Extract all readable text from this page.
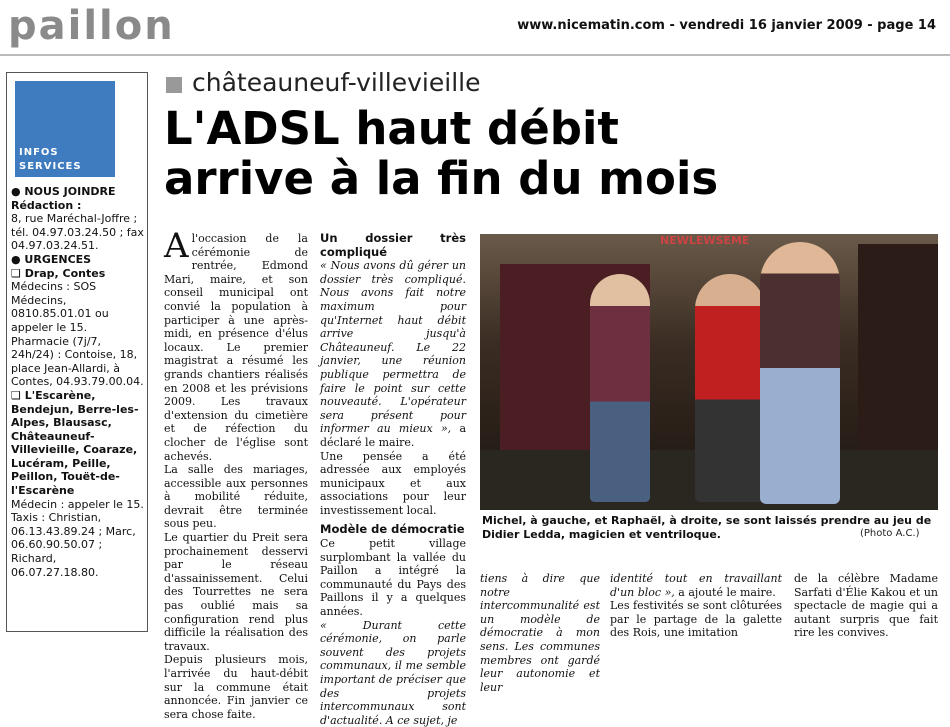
paillon	www.nicematin.com - vendredi 16 janvier 2009 - page 14
INFOS
SERVICES
● NOUS JOINDRE
Rédaction :
8, rue Maréchal-Joffre ; tél. 04.97.03.24.50 ; fax 04.97.03.24.51.
● URGENCES
❑ Drap, Contes
Médecins : SOS Médecins, 0810.85.01.01 ou appeler le 15.
Pharmacie (7j/7, 24h/24) : Contoise, 18, place Jean-Allardi, à Contes, 04.93.79.00.04.
❑ L'Escarène, Bendejun, Berre-les-Alpes, Blausasc, Châteauneuf-Villevieille, Coaraze, Lucéram, Peille, Peillon, Touët-de-l'Escarène
Médecin : appeler le 15.
Taxis : Christian, 06.13.43.89.24 ; Marc, 06.60.90.50.07 ; Richard, 06.07.27.18.80.
châteauneuf-villevieille
L'ADSL haut débit arrive à la fin du mois
A l'occasion de la cérémonie de rentrée, Edmond Mari, maire, et son conseil municipal ont convié la population à participer à une après-midi, en présence d'élus locaux. Le premier magistrat a résumé les grands chantiers réalisés en 2008 et les prévisions 2009. Les travaux d'extension du cimetière et de réfection du clocher de l'église sont achevés.

La salle des mariages, accessible aux personnes à mobilité réduite, devrait être terminée sous peu.

Le quartier du Preit sera prochainement desservi par le réseau d'assainissement. Celui des Tourrettes ne sera pas oublié mais sa configuration rend plus difficile la réalisation des travaux.

Depuis plusieurs mois, l'arrivée du haut-débit sur la commune était annoncée. Fin janvier ce sera chose faite.

Un dossier très compliqué

« Nous avons dû gérer un dossier très compliqué. Nous avons fait notre maximum pour qu'Internet haut débit arrive jusqu'à Châteauneuf. Le 22 janvier, une réunion publique permettra de faire le point sur cette nouveauté. L'opérateur sera présent pour informer au mieux », a déclaré le maire.

Une pensée a été adressée aux employés municipaux et aux associations pour leur investissement local.

Modèle de démocratie

Ce petit village surplombant la vallée du Paillon a intégré la communauté du Pays des Paillons il y a quelques années.

« Durant cette cérémonie, on parle souvent des projets communaux, il me semble important de préciser que des projets intercommunaux sont d'actualité. A ce sujet, je

NEWLEWSEME
Michel, à gauche, et Raphaël, à droite, se sont laissés prendre au jeu de Didier Ledda, magicien et ventriloque.	(Photo A.C.)
tiens à dire que notre intercommunalité est un modèle de démocratie à mon sens. Les communes membres ont gardé leur autonomie et leur
identité tout en travaillant d'un bloc », a ajouté le maire.

Les festivités se sont clôturées par le partage de la galette des Rois, une imitation

de la célèbre Madame Sarfati d'Élie Kakou et un spectacle de magie qui a autant surpris que fait rire les convives.
